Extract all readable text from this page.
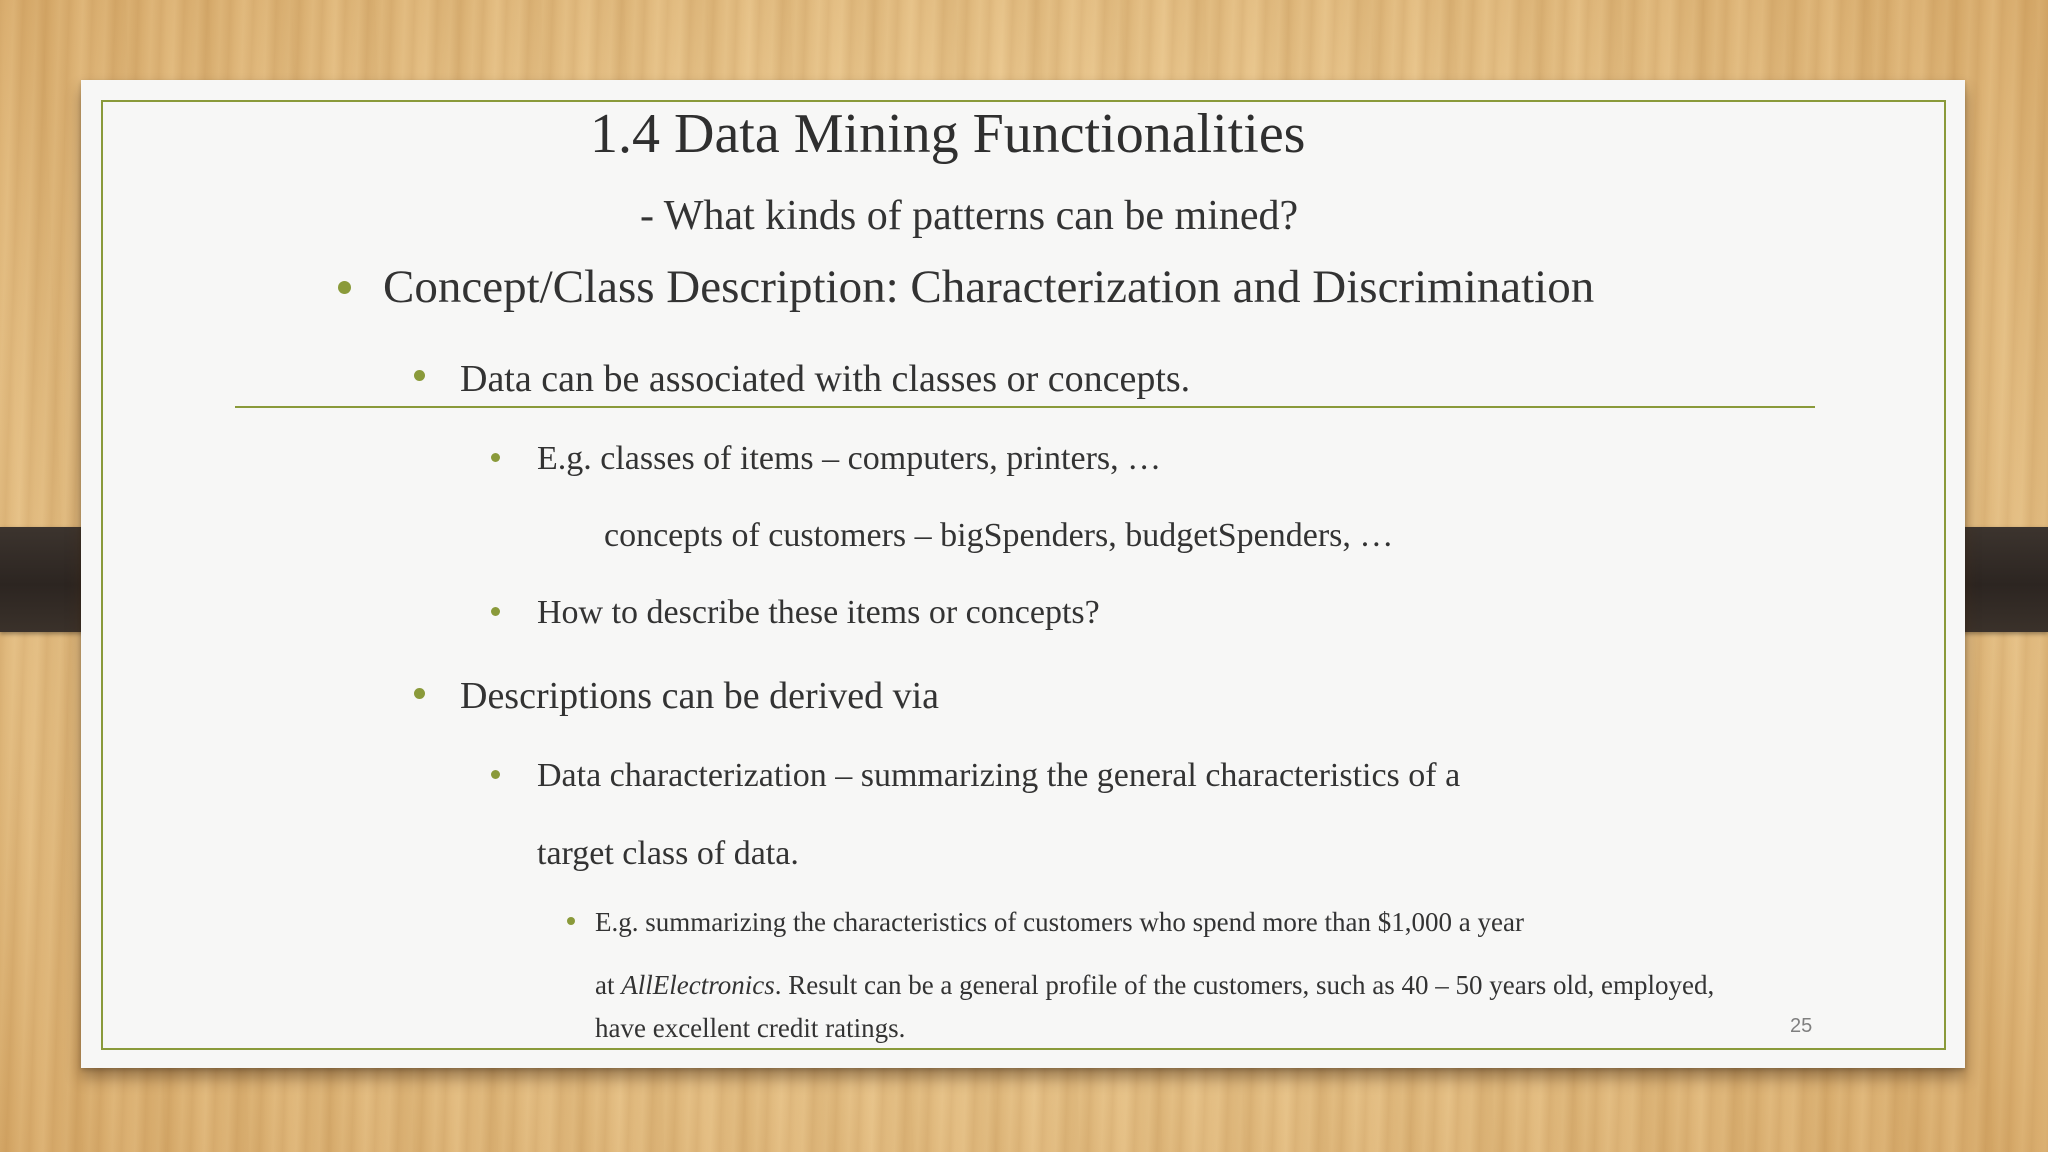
1.4 Data Mining Functionalities
- What kinds of patterns can be mined?
Concept/Class Description: Characterization and Discrimination
Data can be associated with classes or concepts.
E.g. classes of items – computers, printers, …
concepts of customers – bigSpenders, budgetSpenders, …
How to describe these items or concepts?
Descriptions can be derived via
Data characterization – summarizing the general characteristics of a
target class of data.
E.g. summarizing the characteristics of customers who spend more than $1,000 a year
at AllElectronics. Result can be a general profile of the customers, such as 40 – 50 years old, employed,
have excellent credit ratings.	25
